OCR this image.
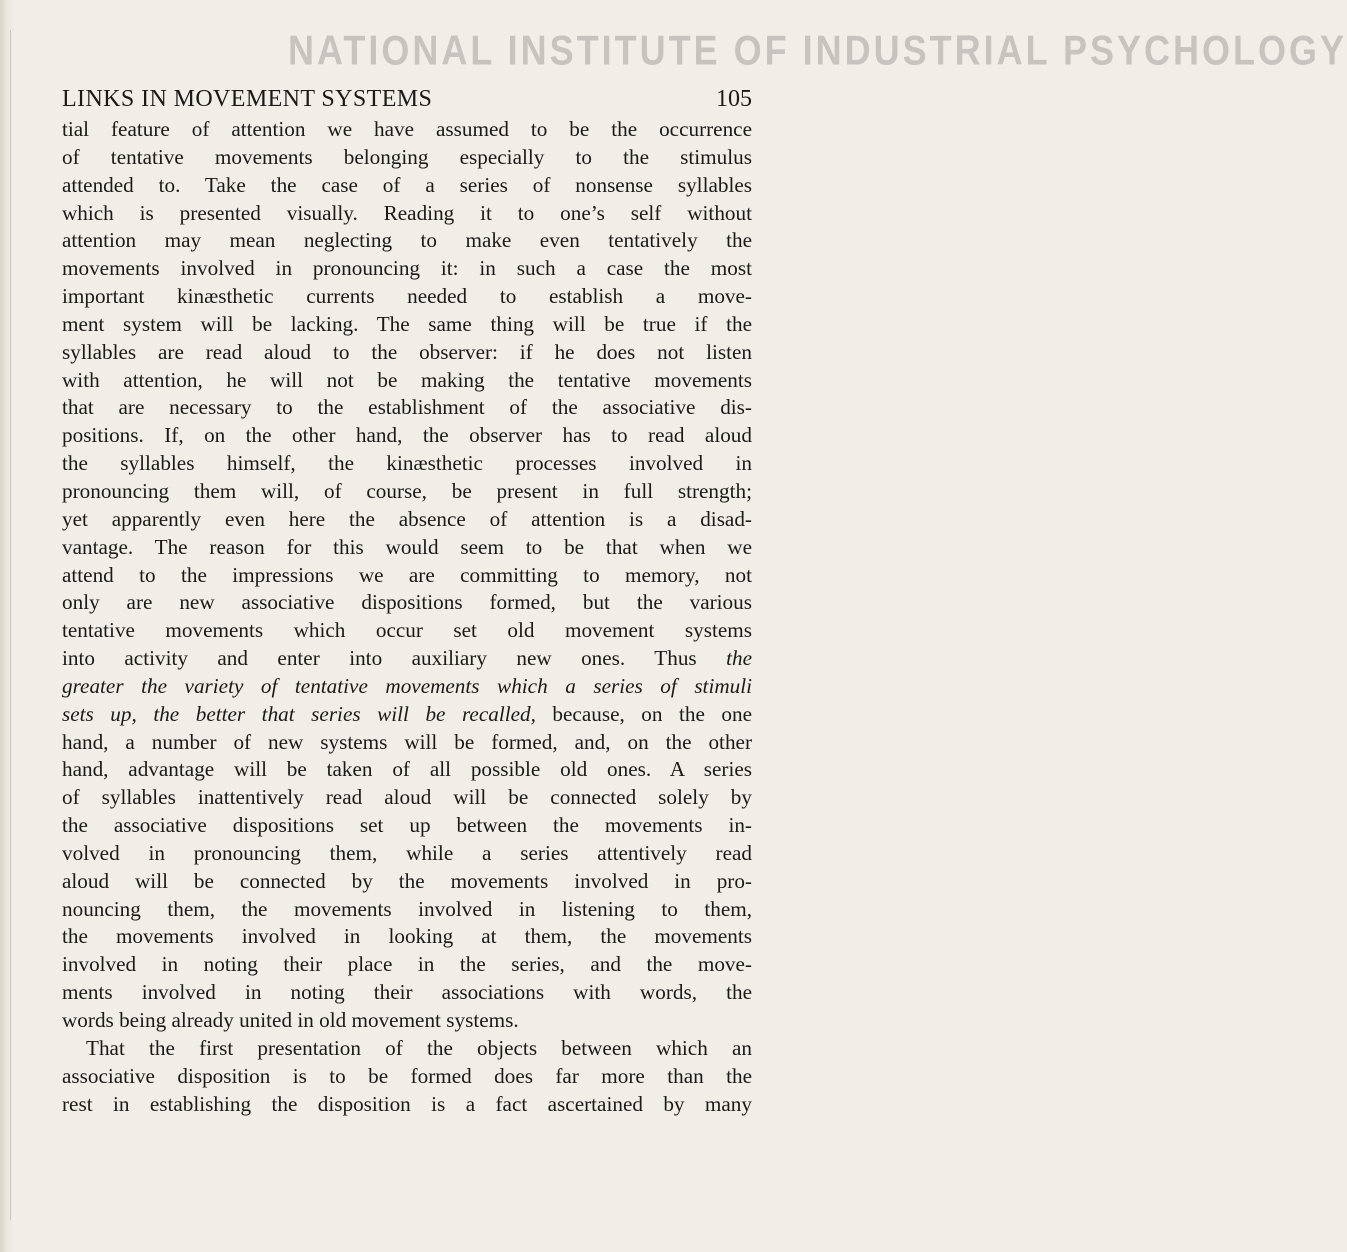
NATIONAL INSTITUTE OF INDUSTRIAL PSYCHOLOGY
LINKS IN MOVEMENT SYSTEMS	105
tial feature of attention we have assumed to be the occurrence
of tentative movements belonging especially to the stimulus
attended to. Take the case of a series of nonsense syllables
which is presented visually. Reading it to one’s self without
attention may mean neglecting to make even tentatively the
movements involved in pronouncing it: in such a case the most
important kinæsthetic currents needed to establish a move-
ment system will be lacking. The same thing will be true if the
syllables are read aloud to the observer: if he does not listen
with attention, he will not be making the tentative movements
that are necessary to the establishment of the associative dis-
positions. If, on the other hand, the observer has to read aloud
the syllables himself, the kinæsthetic processes involved in
pronouncing them will, of course, be present in full strength;
yet apparently even here the absence of attention is a disad-
vantage. The reason for this would seem to be that when we
attend to the impressions we are committing to memory, not
only are new associative dispositions formed, but the various
tentative movements which occur set old movement systems
into activity and enter into auxiliary new ones. Thus the
greater the variety of tentative movements which a series of stimuli
sets up, the better that series will be recalled, because, on the one
hand, a number of new systems will be formed, and, on the other
hand, advantage will be taken of all possible old ones. A series
of syllables inattentively read aloud will be connected solely by
the associative dispositions set up between the movements in-
volved in pronouncing them, while a series attentively read
aloud will be connected by the movements involved in pro-
nouncing them, the movements involved in listening to them,
the movements involved in looking at them, the movements
involved in noting their place in the series, and the move-
ments involved in noting their associations with words, the
words being already united in old movement systems.
That the first presentation of the objects between which an
associative disposition is to be formed does far more than the
rest in establishing the disposition is a fact ascertained by many
